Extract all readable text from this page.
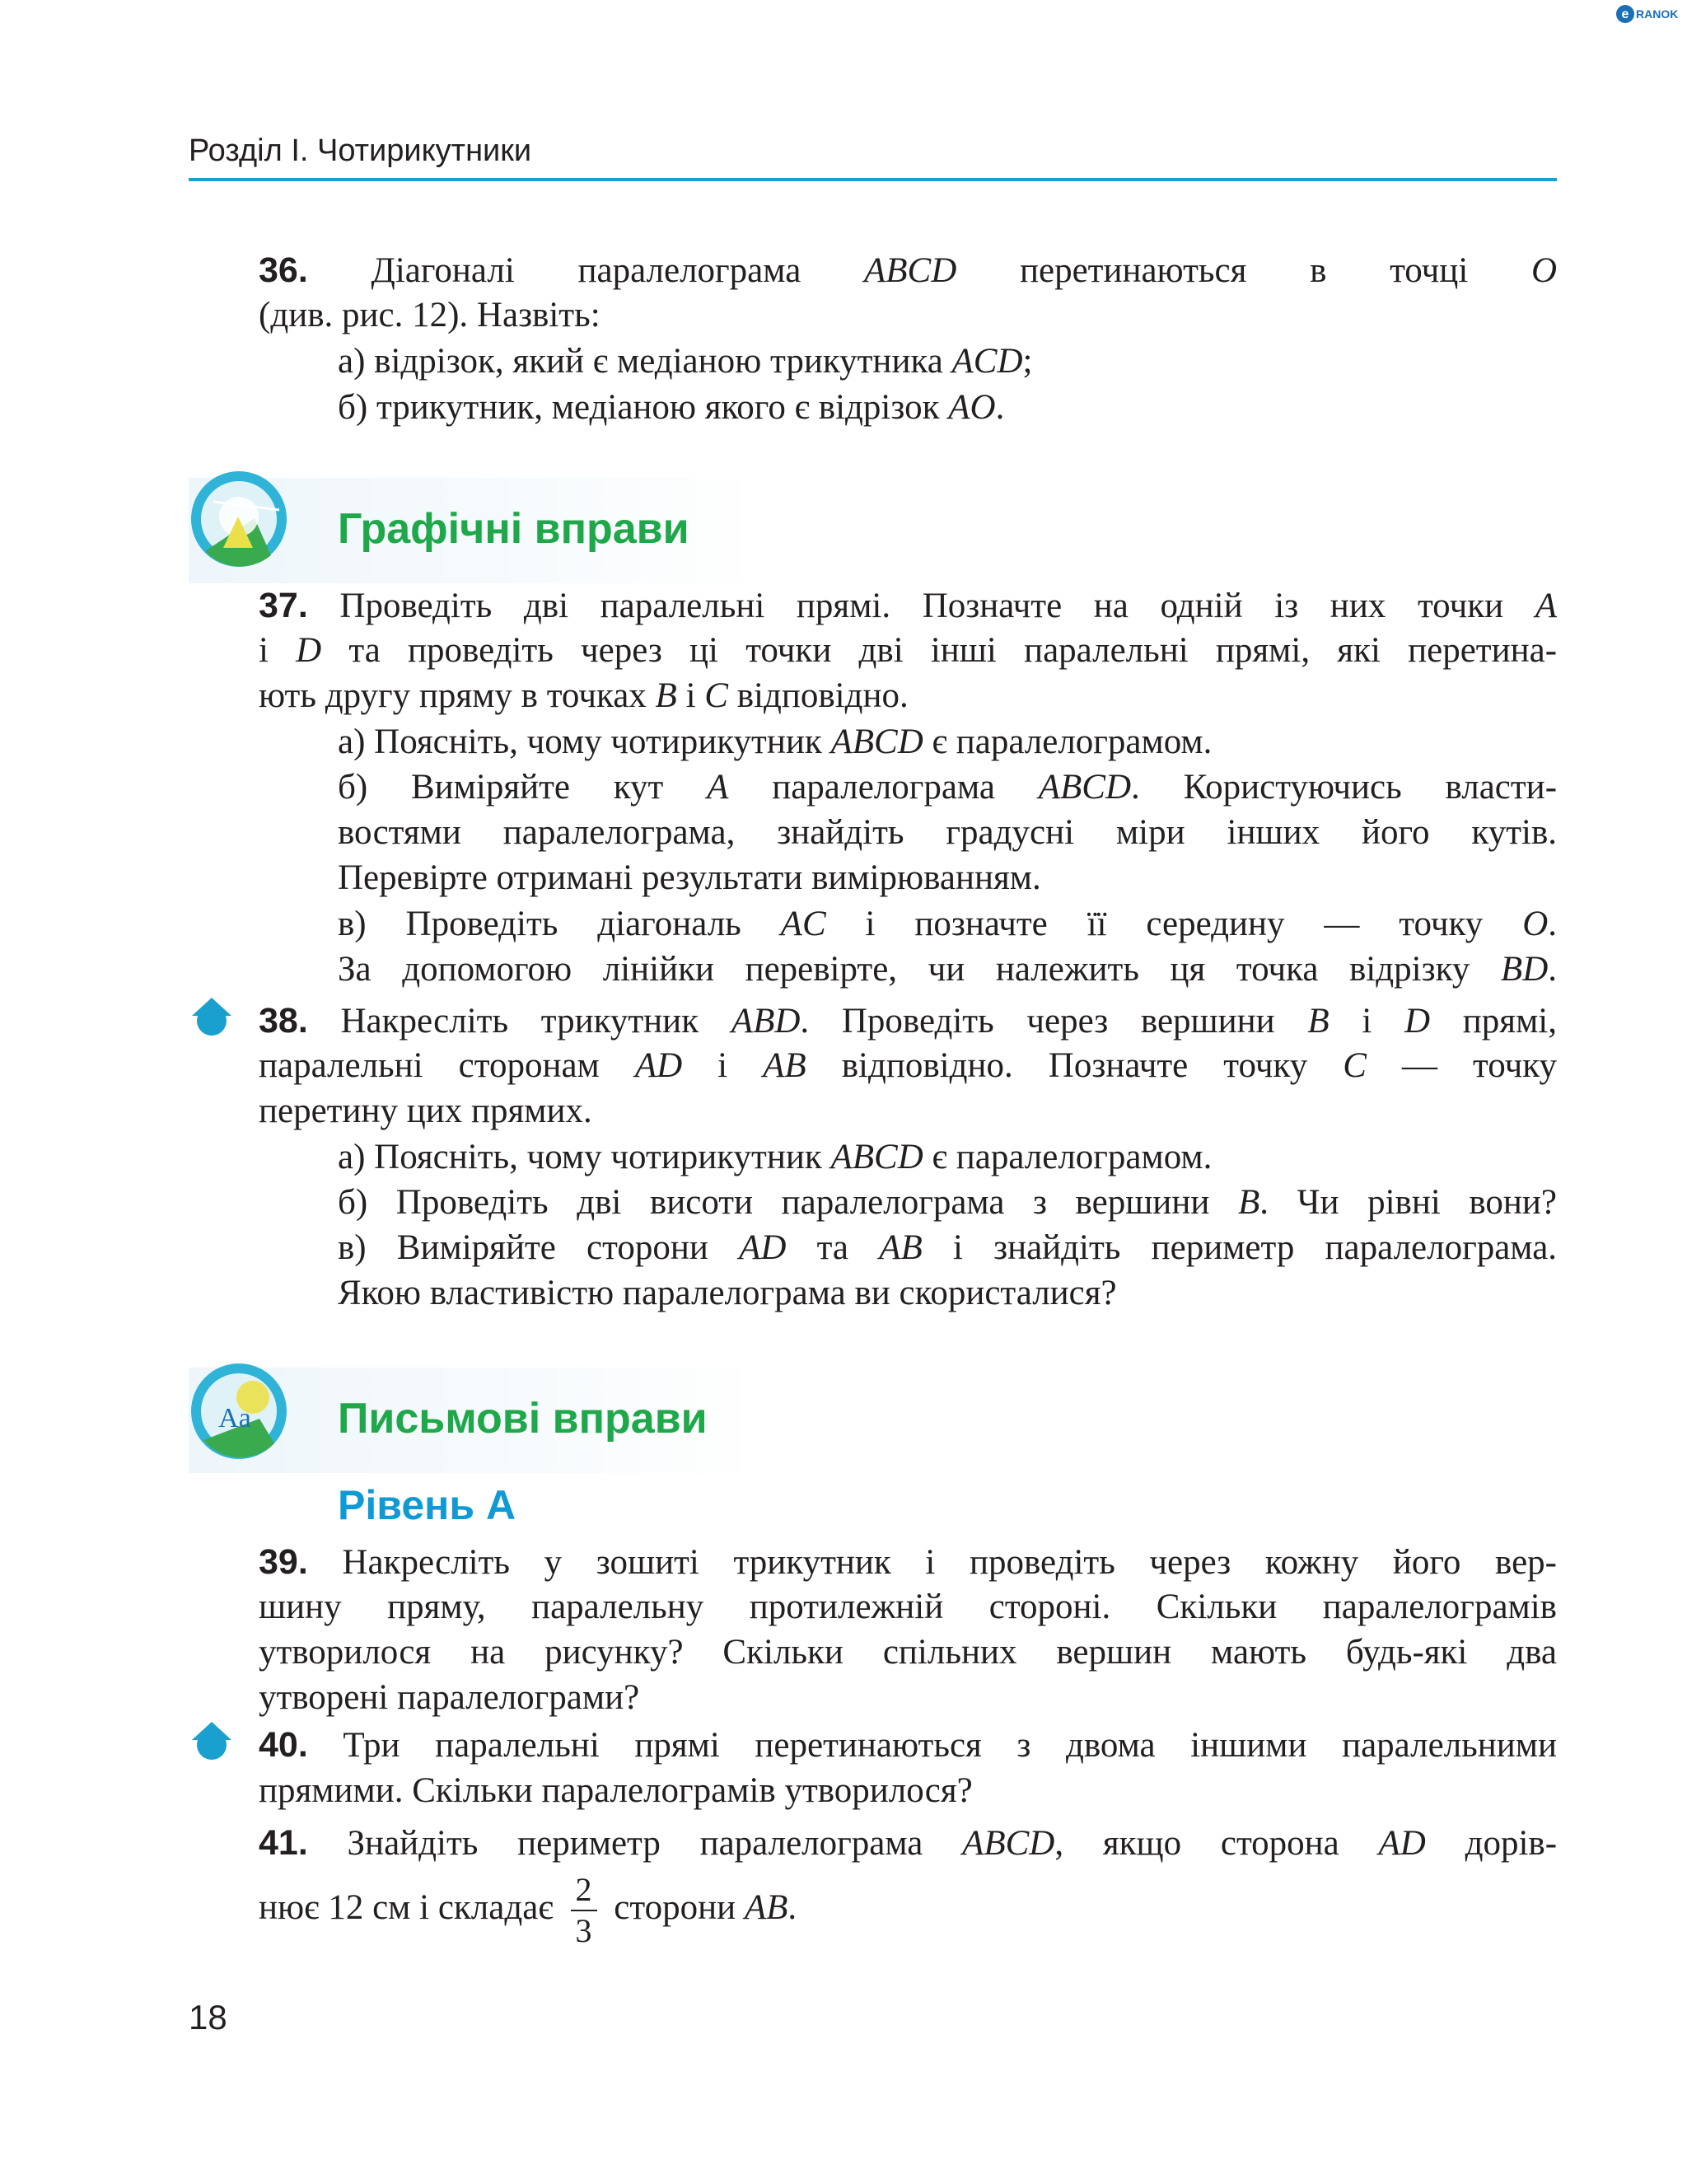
e RANOK
Розділ І. Чотирикутники
36. Діагоналі паралелограма ABCD перетинаються в точці O
(див. рис. 12). Назвіть:
а) відрізок, який є медіаною трикутника ACD;
б) трикутник, медіаною якого є відрізок AO.
Графічні вправи
37. Проведіть дві паралельні прямі. Позначте на одній із них точки A
і D та проведіть через ці точки дві інші паралельні прямі, які перетина-
ють другу пряму в точках B і C відповідно.
а) Поясніть, чому чотирикутник ABCD є паралелограмом.
б) Виміряйте кут A паралелограма ABCD. Користуючись власти-
востями паралелограма, знайдіть градусні міри інших його кутів.
Перевірте отримані результати вимірюванням.
в) Проведіть діагональ AC і позначте її середину — точку O.
За допомогою лінійки перевірте, чи належить ця точка відрізку BD.
38. Накресліть трикутник ABD. Проведіть через вершини B і D прямі,
паралельні сторонам AD і AB відповідно. Позначте точку C — точку
перетину цих прямих.
а) Поясніть, чому чотирикутник ABCD є паралелограмом.
б) Проведіть дві висоти паралелограма з вершини B. Чи рівні вони?
в) Виміряйте сторони AD та AB і знайдіть периметр паралелограма.
Якою властивістю паралелограма ви скористалися?
Aa Письмові вправи
Рівень А
39. Накресліть у зошиті трикутник і проведіть через кожну його вер-
шину пряму, паралельну протилежній стороні. Скільки паралелограмів
утворилося на рисунку? Скільки спільних вершин мають будь-які два
утворені паралелограми?
40. Три паралельні прямі перетинаються з двома іншими паралельними
прямими. Скільки паралелограмів утворилося?
41. Знайдіть периметр паралелограма ABCD, якщо сторона AD дорів-
нює 12 см і складає $\frac{2}{3}$ сторони AB.
18
